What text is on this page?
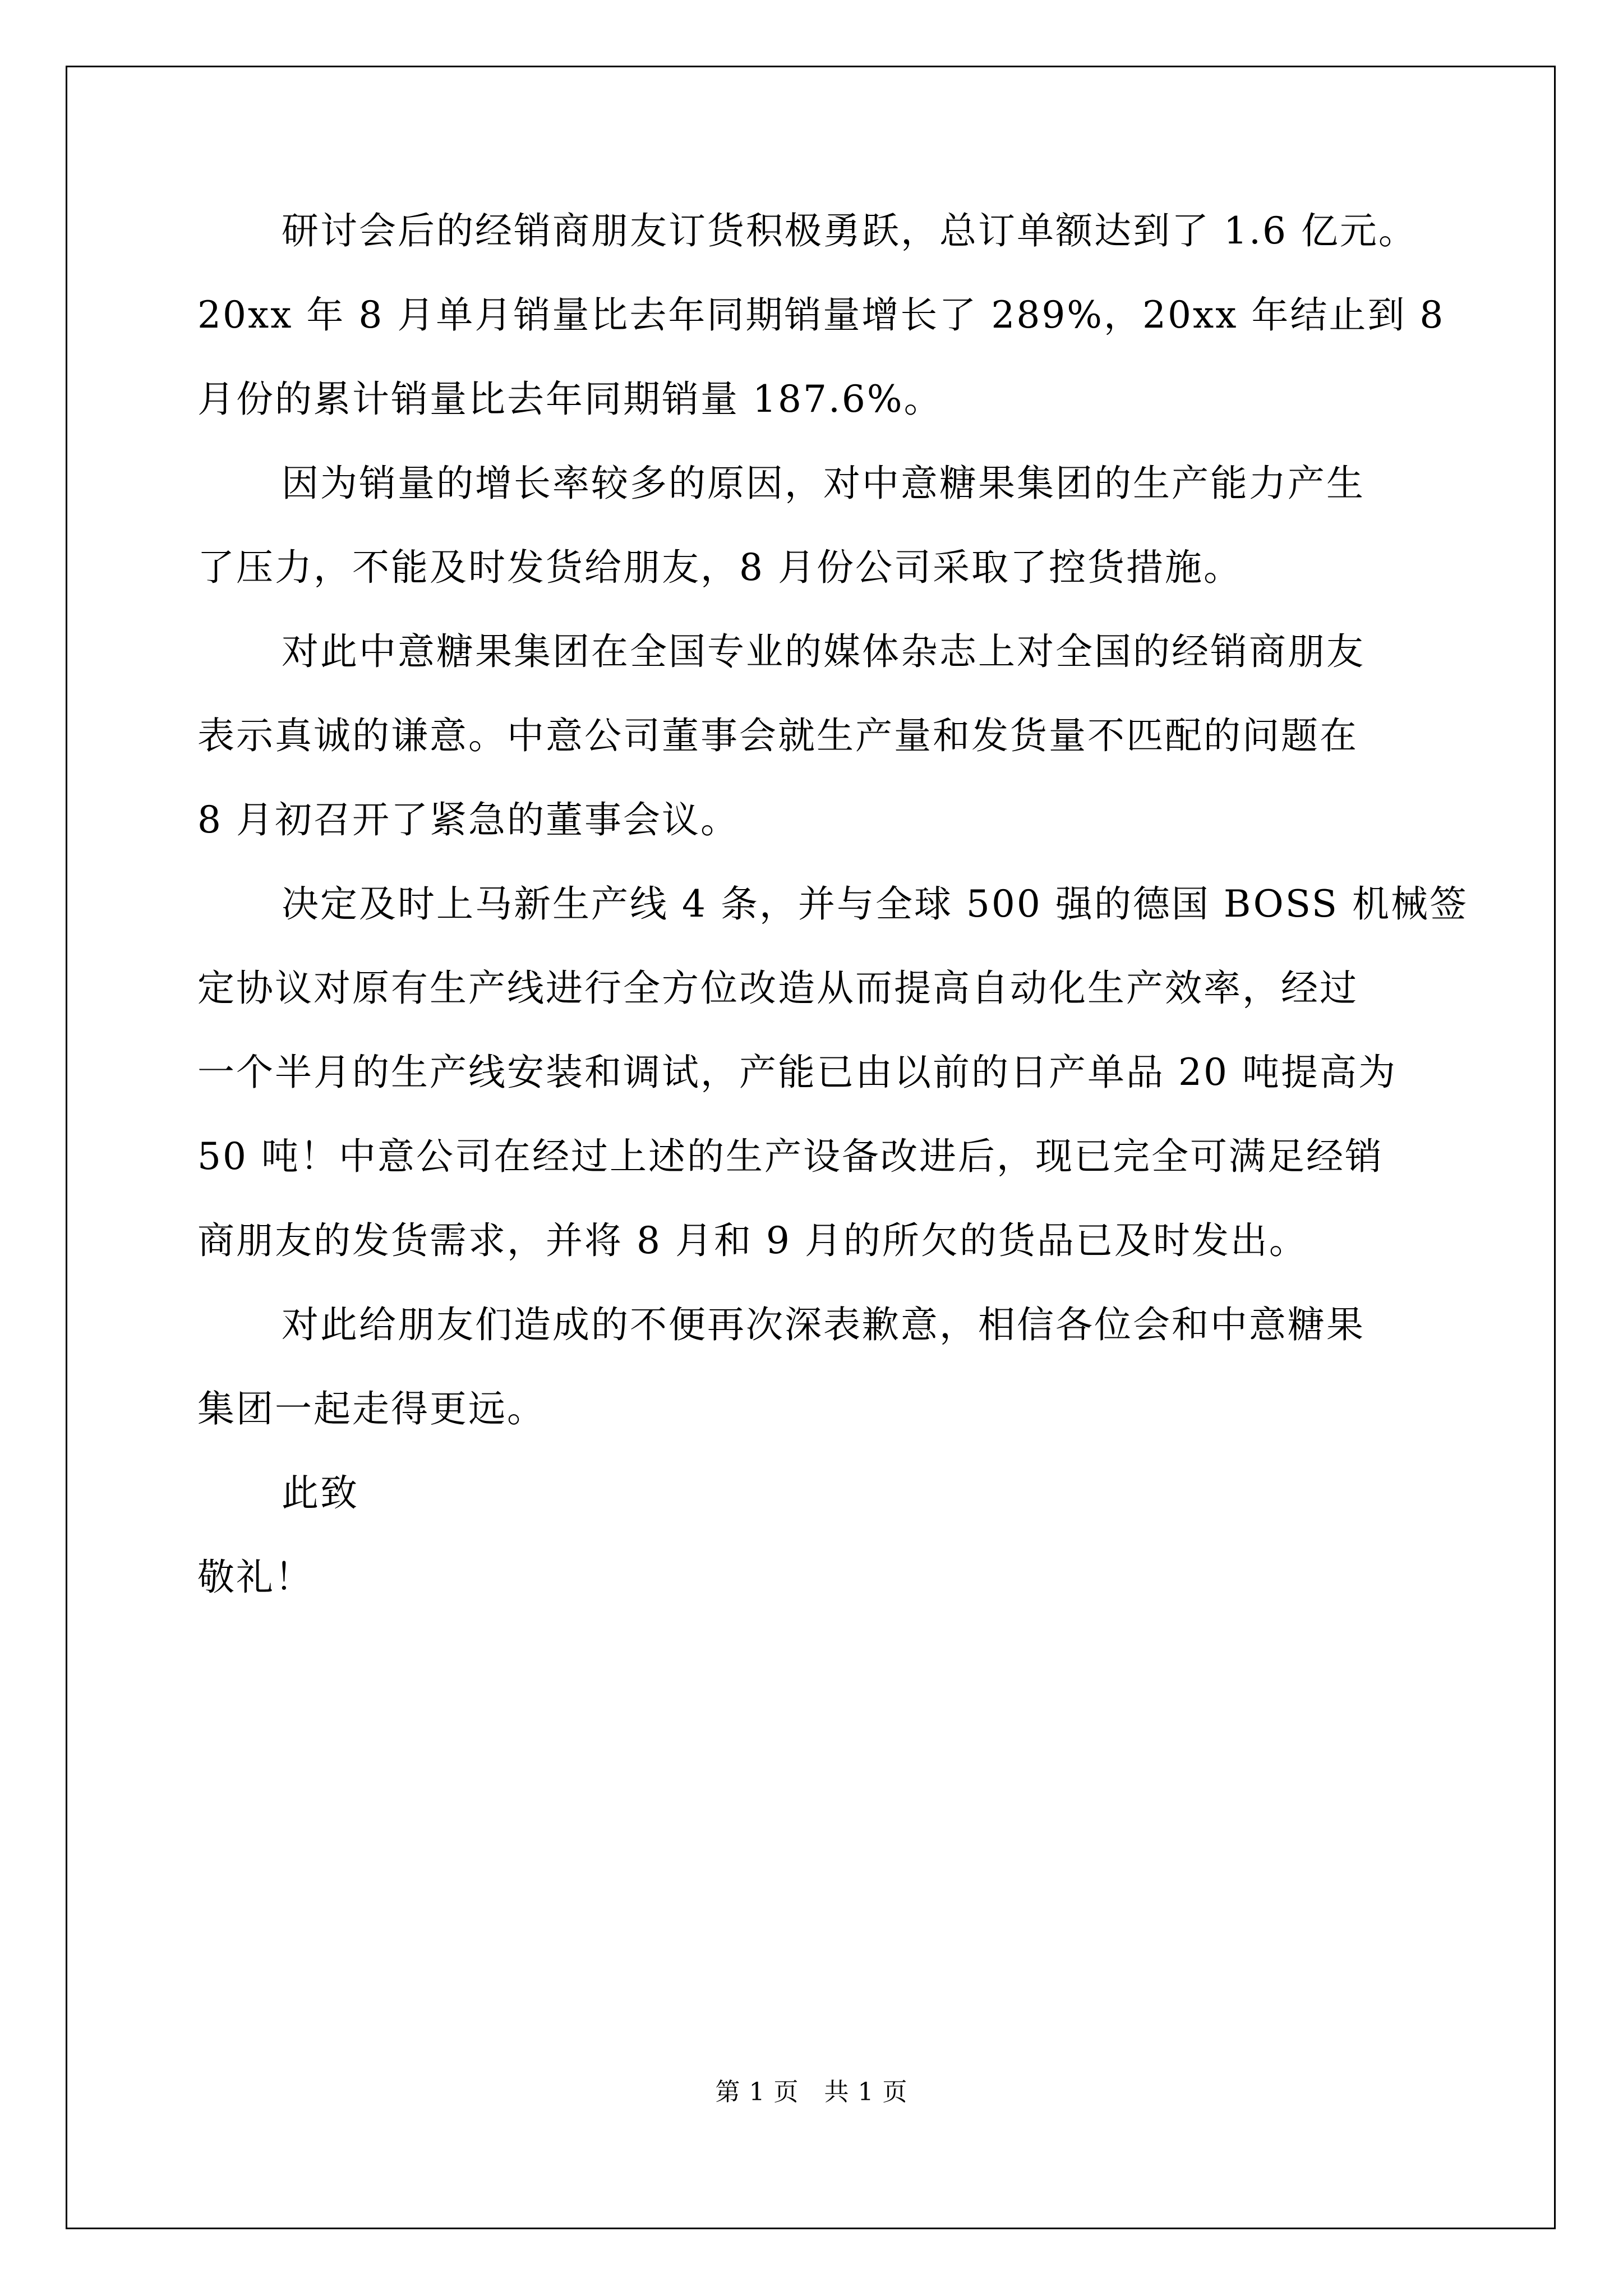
研讨会后的经销商朋友订货积极勇跃，总订单额达到了 1.6 亿元。
20xx 年 8 月单月销量比去年同期销量增长了 289%，20xx 年结止到 8
月份的累计销量比去年同期销量 187.6%。
因为销量的增长率较多的原因，对中意糖果集团的生产能力产生
了压力，不能及时发货给朋友，8 月份公司采取了控货措施。
对此中意糖果集团在全国专业的媒体杂志上对全国的经销商朋友
表示真诚的谦意。中意公司董事会就生产量和发货量不匹配的问题在
8 月初召开了紧急的董事会议。
决定及时上马新生产线 4 条，并与全球 500 强的德国 BOSS 机械签
定协议对原有生产线进行全方位改造从而提高自动化生产效率，经过
一个半月的生产线安装和调试，产能已由以前的日产单品 20 吨提高为
50 吨！中意公司在经过上述的生产设备改进后，现已完全可满足经销
商朋友的发货需求，并将 8 月和 9 月的所欠的货品已及时发出。
对此给朋友们造成的不便再次深表歉意，相信各位会和中意糖果
集团一起走得更远。
此致
敬礼！
第 1 页　共 1 页
